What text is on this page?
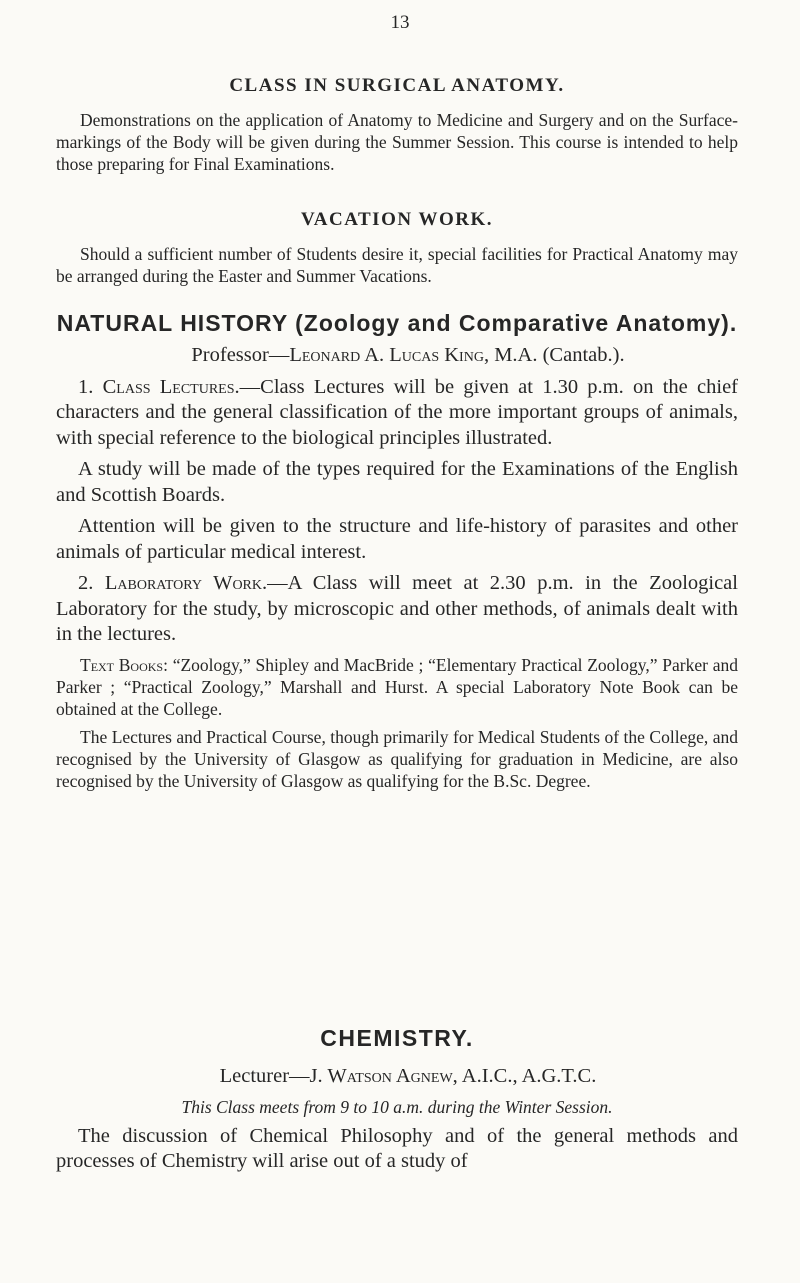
13
CLASS IN SURGICAL ANATOMY.

Demonstrations on the application of Anatomy to Medicine and Surgery and on the Surface-markings of the Body will be given during the Summer Session. This course is intended to help those preparing for Final Examinations.

VACATION WORK.

Should a sufficient number of Students desire it, special facilities for Practical Anatomy may be arranged during the Easter and Summer Vacations.

NATURAL HISTORY (Zoology and Comparative Anatomy).

Professor—Leonard A. Lucas King, M.A. (Cantab.).

1. Class Lectures.—Class Lectures will be given at 1.30 p.m. on the chief characters and the general classification of the more important groups of animals, with special reference to the biological principles illustrated.

A study will be made of the types required for the Examinations of the English and Scottish Boards.

Attention will be given to the structure and life-history of parasites and other animals of particular medical interest.

2. Laboratory Work.—A Class will meet at 2.30 p.m. in the Zoological Laboratory for the study, by microscopic and other methods, of animals dealt with in the lectures.

Text Books: “Zoology,” Shipley and MacBride ; “Elementary Practical Zoology,” Parker and Parker ; “Practical Zoology,” Marshall and Hurst. A special Laboratory Note Book can be obtained at the College.

The Lectures and Practical Course, though primarily for Medical Students of the College, and recognised by the University of Glasgow as qualifying for graduation in Medicine, are also recognised by the University of Glasgow as qualifying for the B.Sc. Degree.

CHEMISTRY.

Lecturer—J. Watson Agnew, A.I.C., A.G.T.C.

This Class meets from 9 to 10 a.m. during the Winter Session.

The discussion of Chemical Philosophy and of the general methods and processes of Chemistry will arise out of a study of
